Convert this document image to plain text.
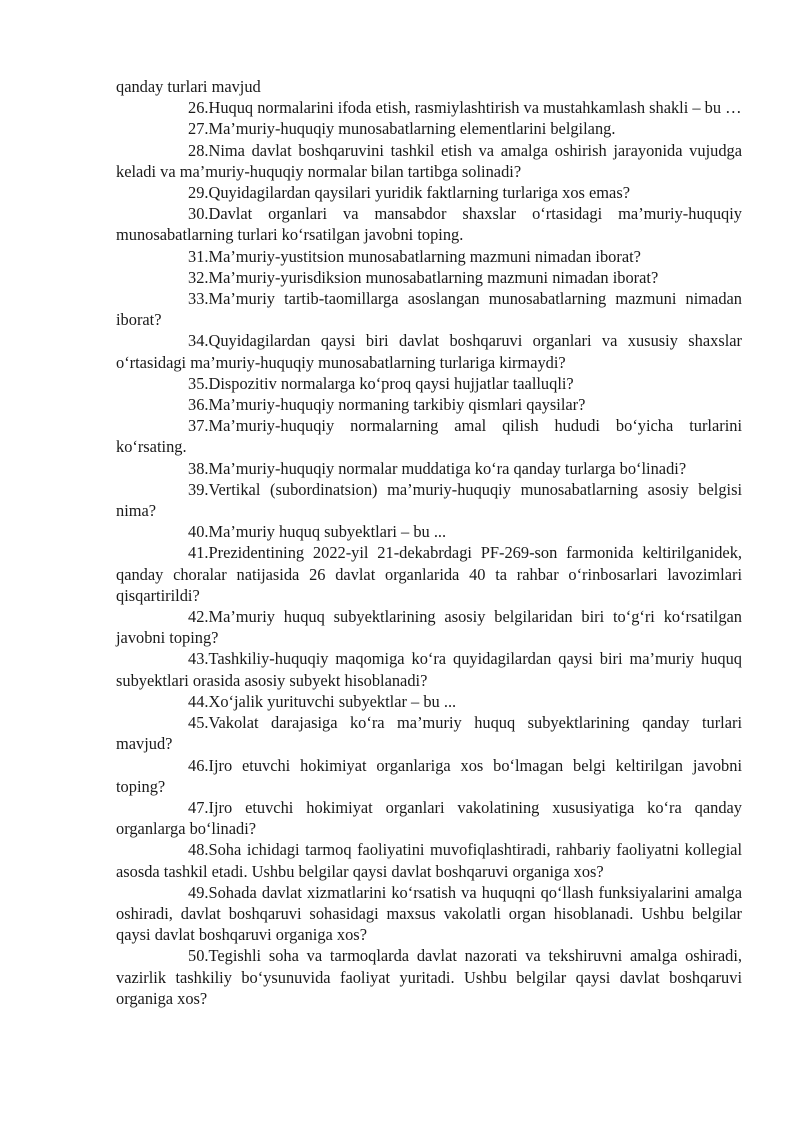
qanday turlari mavjud

26.Huquq normalarini ifoda etish, rasmiylashtirish va mustahkamlash shakli – bu …

27.Ma’muriy-huquqiy munosabatlarning elementlarini belgilang.

28.Nima davlat boshqaruvini tashkil etish va amalga oshirish jarayonida vujudga keladi va ma’muriy-huquqiy normalar bilan tartibga solinadi?

29.Quyidagilardan qaysilari yuridik faktlarning turlariga xos emas?

30.Davlat organlari va mansabdor shaxslar o‘rtasidagi ma’muriy-huquqiy munosabatlarning turlari ko‘rsatilgan javobni toping.

31.Ma’muriy-yustitsion munosabatlarning mazmuni nimadan iborat?

32.Ma’muriy-yurisdiksion munosabatlarning mazmuni nimadan iborat?

33.Ma’muriy tartib-taomillarga asoslangan munosabatlarning mazmuni nimadan iborat?

34.Quyidagilardan qaysi biri davlat boshqaruvi organlari va xususiy shaxslar o‘rtasidagi ma’muriy-huquqiy munosabatlarning turlariga kirmaydi?

35.Dispozitiv normalarga ko‘proq qaysi hujjatlar taalluqli?

36.Ma’muriy-huquqiy normaning tarkibiy qismlari qaysilar?

37.Ma’muriy-huquqiy normalarning amal qilish hududi bo‘yicha turlarini ko‘rsating.

38.Ma’muriy-huquqiy normalar muddatiga ko‘ra qanday turlarga bo‘linadi?

39.Vertikal (subordinatsion) ma’muriy-huquqiy munosabatlarning asosiy belgisi nima?

40.Ma’muriy huquq subyektlari – bu ...

41.Prezidentining 2022-yil 21-dekabrdagi PF-269-son farmonida keltirilganidek, qanday choralar natijasida 26 davlat organlarida 40 ta rahbar o‘rinbosarlari lavozimlari qisqartirildi?

42.Ma’muriy huquq subyektlarining asosiy belgilaridan biri to‘g‘ri ko‘rsatilgan javobni toping?

43.Tashkiliy-huquqiy maqomiga ko‘ra quyidagilardan qaysi biri ma’muriy huquq subyektlari orasida asosiy subyekt hisoblanadi?

44.Xo‘jalik yurituvchi subyektlar – bu ...

45.Vakolat darajasiga ko‘ra ma’muriy huquq subyektlarining qanday turlari mavjud?

46.Ijro etuvchi hokimiyat organlariga xos bo‘lmagan belgi keltirilgan javobni toping?

47.Ijro etuvchi hokimiyat organlari vakolatining xususiyatiga ko‘ra qanday organlarga bo‘linadi?

48.Soha ichidagi tarmoq faoliyatini muvofiqlashtiradi, rahbariy faoliyatni kollegial asosda tashkil etadi. Ushbu belgilar qaysi davlat boshqaruvi organiga xos?

49.Sohada davlat xizmatlarini ko‘rsatish va huquqni qo‘llash funksiyalarini amalga oshiradi, davlat boshqaruvi sohasidagi maxsus vakolatli organ hisoblanadi. Ushbu belgilar qaysi davlat boshqaruvi organiga xos?

50.Tegishli soha va tarmoqlarda davlat nazorati va tekshiruvni amalga oshiradi, vazirlik tashkiliy bo‘ysunuvida faoliyat yuritadi. Ushbu belgilar qaysi davlat boshqaruvi organiga xos?
